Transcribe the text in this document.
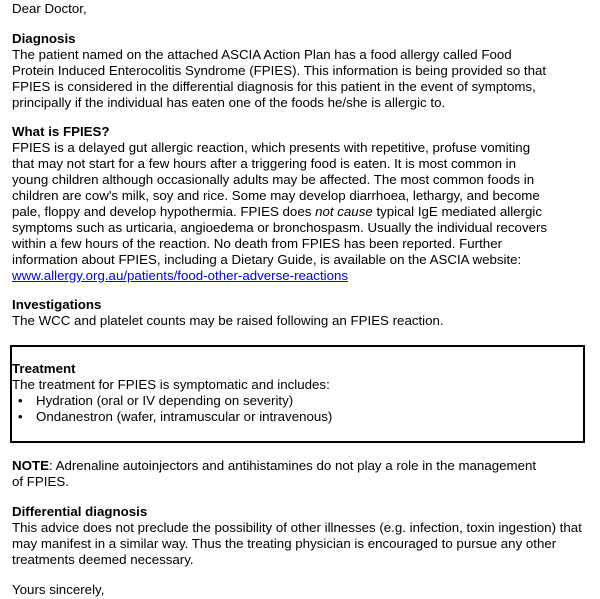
Dear Doctor,
Diagnosis
The patient named on the attached ASCIA Action Plan has a food allergy called Food
Protein Induced Enterocolitis Syndrome (FPIES). This information is being provided so that
FPIES is considered in the differential diagnosis for this patient in the event of symptoms,
principally if the individual has eaten one of the foods he/she is allergic to.
What is FPIES?
FPIES is a delayed gut allergic reaction, which presents with repetitive, profuse vomiting
that may not start for a few hours after a triggering food is eaten. It is most common in
young children although occasionally adults may be affected. The most common foods in
children are cow's milk, soy and rice. Some may develop diarrhoea, lethargy, and become
pale, floppy and develop hypothermia. FPIES does not cause typical IgE mediated allergic
symptoms such as urticaria, angioedema or bronchospasm. Usually the individual recovers
within a few hours of the reaction. No death from FPIES has been reported. Further
information about FPIES, including a Dietary Guide, is available on the ASCIA website:
www.allergy.org.au/patients/food-other-adverse-reactions
Investigations
The WCC and platelet counts may be raised following an FPIES reaction.
Treatment
The treatment for FPIES is symptomatic and includes:
•	Hydration (oral or IV depending on severity)
•	Ondanestron (wafer, intramuscular or intravenous)
NOTE: Adrenaline autoinjectors and antihistamines do not play a role in the management
of FPIES.
Differential diagnosis
This advice does not preclude the possibility of other illnesses (e.g. infection, toxin ingestion) that
may manifest in a similar way. Thus the treating physician is encouraged to pursue any other
treatments deemed necessary.
Yours sincerely,
